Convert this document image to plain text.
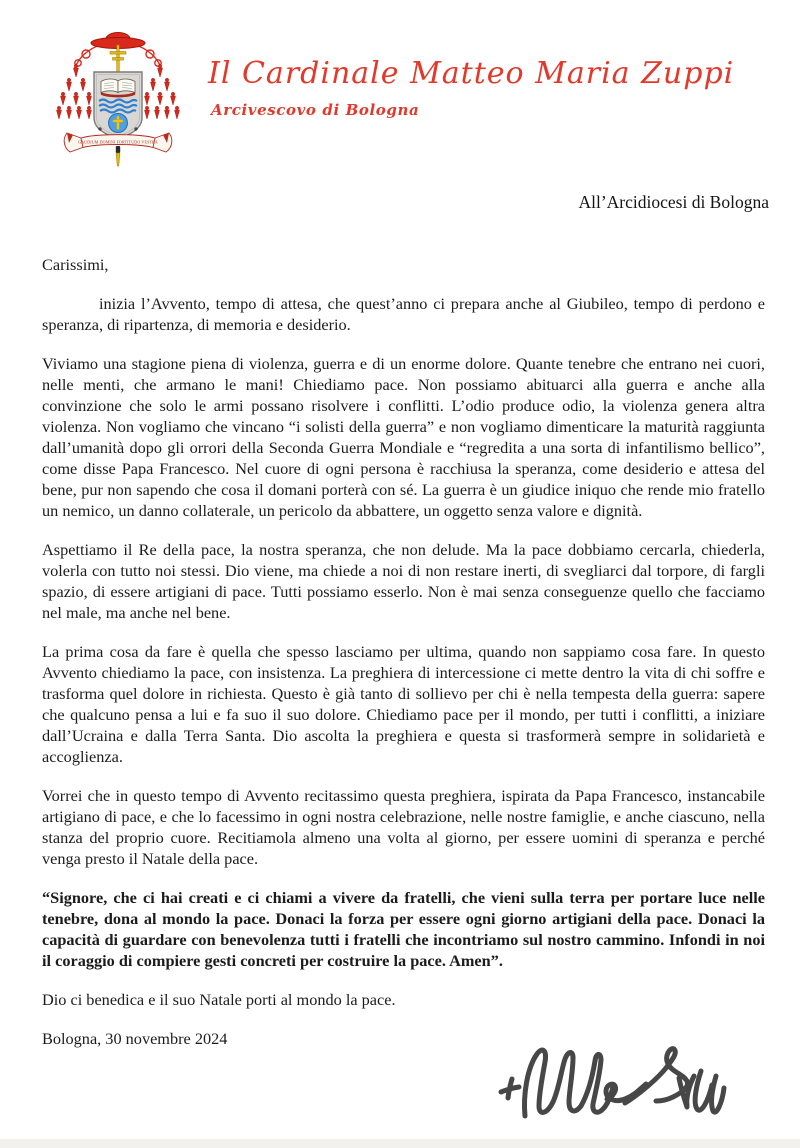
GAUDIUM DOMINI FORTITUDO VESTRA
Il Cardinale Matteo Maria Zuppi
Arcivescovo di Bologna
All’Arcidiocesi di Bologna

Carissimi,

inizia l’Avvento, tempo di attesa, che quest’anno ci prepara anche al Giubileo, tempo di perdono e speranza, di ripartenza, di memoria e desiderio.

Viviamo una stagione piena di violenza, guerra e di un enorme dolore. Quante tenebre che entrano nei cuori, nelle menti, che armano le mani! Chiediamo pace. Non possiamo abituarci alla guerra e anche alla convinzione che solo le armi possano risolvere i conflitti. L’odio produce odio, la violenza genera altra violenza. Non vogliamo che vincano “i solisti della guerra” e non vogliamo dimenticare la maturità raggiunta dall’umanità dopo gli orrori della Seconda Guerra Mondiale e “regredita a una sorta di infantilismo bellico”, come disse Papa Francesco. Nel cuore di ogni persona è racchiusa la speranza, come desiderio e attesa del bene, pur non sapendo che cosa il domani porterà con sé. La guerra è un giudice iniquo che rende mio fratello un nemico, un danno collaterale, un pericolo da abbattere, un oggetto senza valore e dignità.

Aspettiamo il Re della pace, la nostra speranza, che non delude. Ma la pace dobbiamo cercarla, chiederla, volerla con tutto noi stessi. Dio viene, ma chiede a noi di non restare inerti, di svegliarci dal torpore, di fargli spazio, di essere artigiani di pace. Tutti possiamo esserlo. Non è mai senza conseguenze quello che facciamo nel male, ma anche nel bene.

La prima cosa da fare è quella che spesso lasciamo per ultima, quando non sappiamo cosa fare. In questo Avvento chiediamo la pace, con insistenza. La preghiera di intercessione ci mette dentro la vita di chi soffre e trasforma quel dolore in richiesta. Questo è già tanto di sollievo per chi è nella tempesta della guerra: sapere che qualcuno pensa a lui e fa suo il suo dolore. Chiediamo pace per il mondo, per tutti i conflitti, a iniziare dall’Ucraina e dalla Terra Santa. Dio ascolta la preghiera e questa si trasformerà sempre in solidarietà e accoglienza.

Vorrei che in questo tempo di Avvento recitassimo questa preghiera, ispirata da Papa Francesco, instancabile artigiano di pace, e che lo facessimo in ogni nostra celebrazione, nelle nostre famiglie, e anche ciascuno, nella stanza del proprio cuore. Recitiamola almeno una volta al giorno, per essere uomini di speranza e perché venga presto il Natale della pace.

“Signore, che ci hai creati e ci chiami a vivere da fratelli, che vieni sulla terra per portare luce nelle tenebre, dona al mondo la pace. Donaci la forza per essere ogni giorno artigiani della pace. Donaci la capacità di guardare con benevolenza tutti i fratelli che incontriamo sul nostro cammino. Infondi in noi il coraggio di compiere gesti concreti per costruire la pace. Amen”.

Dio ci benedica e il suo Natale porti al mondo la pace.

Bologna, 30 novembre 2024
